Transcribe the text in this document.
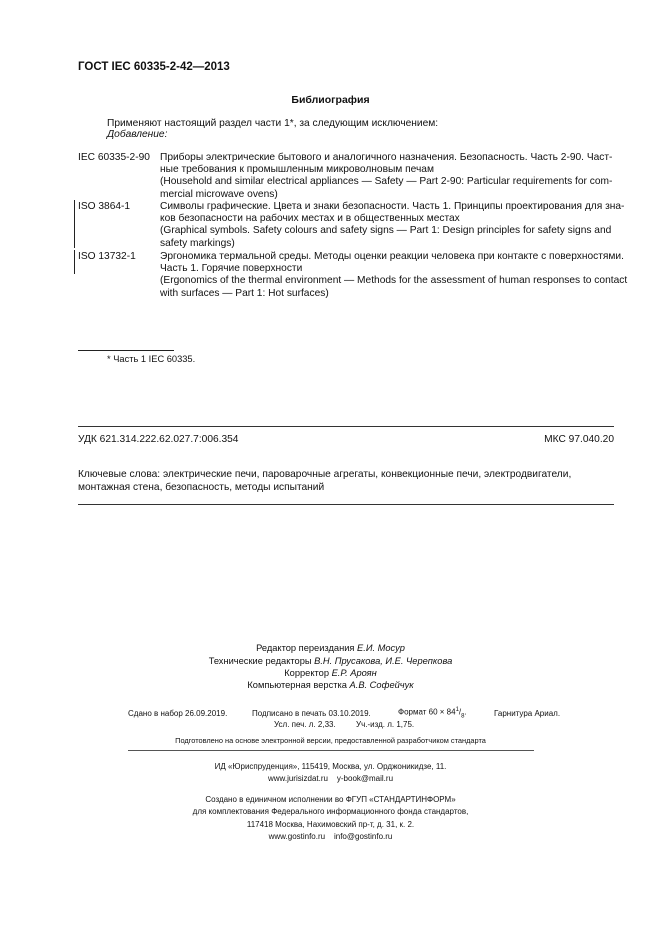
ГОСТ IEC 60335-2-42—2013
Библиография
Применяют настоящий раздел части 1*, за следующим исключением:
Добавление:
IEC 60335-2-90 Приборы электрические бытового и аналогичного назначения. Безопасность. Часть 2-90. Част-
ные требования к промышленным микроволновым печам
(Household and similar electrical appliances — Safety — Part 2-90: Particular requirements for com-
mercial microwave ovens)
ISO 3864-1	Символы графические. Цвета и знаки безопасности. Часть 1. Принципы проектирования для зна-
ков безопасности на рабочих местах и в общественных местах
(Graphical symbols. Safety colours and safety signs — Part 1: Design principles for safety signs and
safety markings)
ISO 13732-1 Эргономика термальной среды. Методы оценки реакции человека при контакте с поверхностями.
Часть 1. Горячие поверхности
(Ergonomics of the thermal environment — Methods for the assessment of human responses to contact
with surfaces — Part 1: Hot surfaces)
* Часть 1 IEC 60335.
УДК 621.314.222.62.027.7:006.354	МКС 97.040.20
Ключевые слова: электрические печи, пароварочные агрегаты, конвекционные печи, электродвигатели,
монтажная стена, безопасность, методы испытаний
Редактор переиздания Е.И. Мосур
Технические редакторы В.Н. Прусакова, И.Е. Черепкова
Корректор Е.Р. Ароян
Компьютерная верстка А.В. Софейчук
Сдано в набор 26.09.2019.	Подписано в печать 03.10.2019.	Формат $60 \times 84^1/_8$.	Гарнитура Ариал.
Усл. печ. л. 2,33.	Уч.-изд. л. 1,75.
Подготовлено на основе электронной версии, предоставленной разработчиком стандарта
ИД «Юриспруденция», 115419, Москва, ул. Орджоникидзе, 11.
www.jurisizdat.ru y-book@mail.ru
Создано в единичном исполнении во ФГУП «СТАНДАРТИНФОРМ»
для комплектования Федерального информационного фонда стандартов,
117418 Москва, Нахимовский пр-т, д. 31, к. 2.
www.gostinfo.ru info@gostinfo.ru
